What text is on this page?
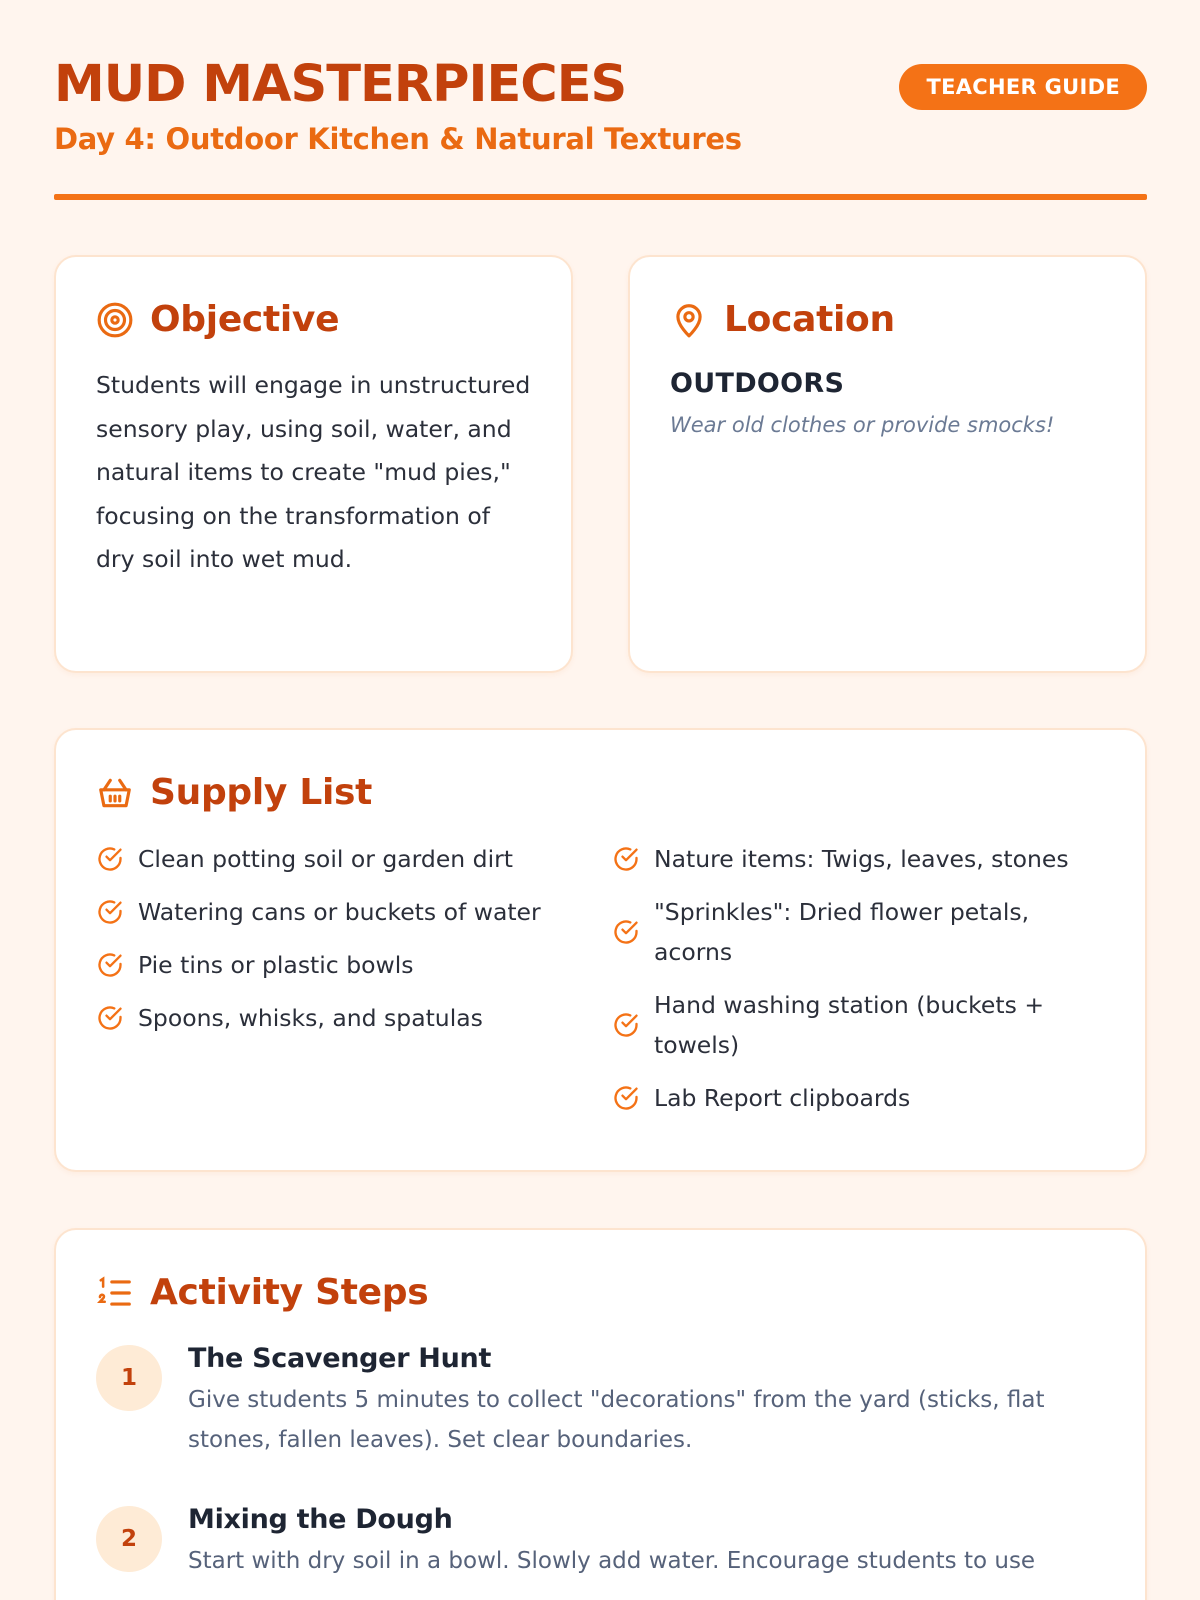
MUD MASTERPIECES
Day 4: Outdoor Kitchen & Natural Textures
TEACHER GUIDE
Objective

Students will engage in unstructured sensory play, using soil, water, and natural items to create "mud pies," focusing on the transformation of dry soil into wet mud.

Location
OUTDOORS
Wear old clothes or provide smocks!
Supply List
Clean potting soil or garden dirt
Watering cans or buckets of water
Pie tins or plastic bowls
Spoons, whisks, and spatulas
Nature items: Twigs, leaves, stones
"Sprinkles": Dried flower petals, acorns
Hand washing station (buckets + towels)
Lab Report clipboards
Activity Steps
1
The Scavenger Hunt

Give students 5 minutes to collect "decorations" from the yard (sticks, flat stones, fallen leaves). Set clear boundaries.

2
Mixing the Dough

Start with dry soil in a bowl. Slowly add water. Encourage students to use
